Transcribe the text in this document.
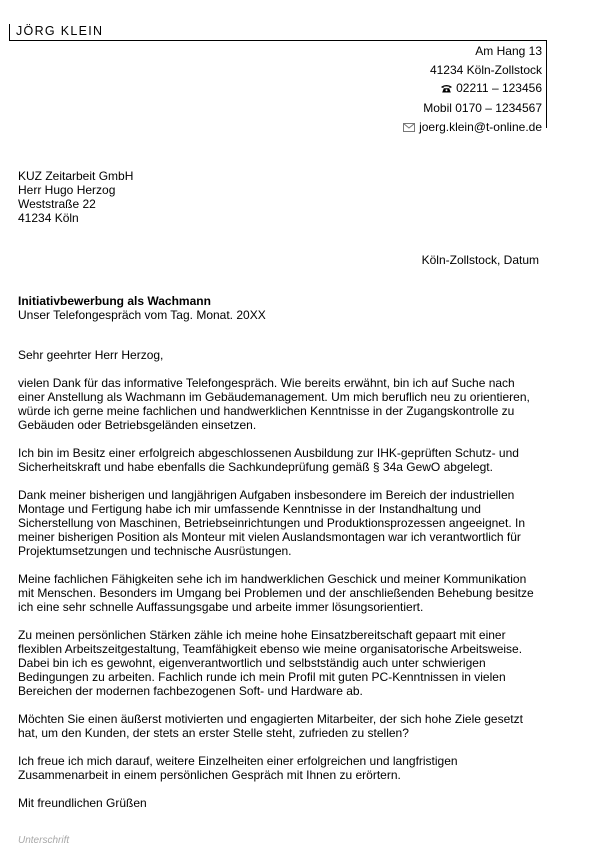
JÖRG KLEIN
Am Hang 13
41234 Köln-Zollstock
02211 – 123456
Mobil 0170 – 1234567
joerg.klein@t-online.de
KUZ Zeitarbeit GmbH
Herr Hugo Herzog
Weststraße 22
41234 Köln
Köln-Zollstock, Datum
Initiativbewerbung als Wachmann
Unser Telefongespräch vom Tag. Monat. 20XX

Sehr geehrter Herr Herzog,

vielen Dank für das informative Telefongespräch. Wie bereits erwähnt, bin ich auf Suche nach einer Anstellung als Wachmann im Gebäudemanagement. Um mich beruflich neu zu orientieren, würde ich gerne meine fachlichen und handwerklichen Kenntnisse in der Zugangskontrolle zu Gebäuden oder Betriebsgeländen einsetzen.

Ich bin im Besitz einer erfolgreich abgeschlossenen Ausbildung zur IHK-geprüften Schutz- und Sicherheitskraft und habe ebenfalls die Sachkundeprüfung gemäß § 34a GewO abgelegt.

Dank meiner bisherigen und langjährigen Aufgaben insbesondere im Bereich der industriellen Montage und Fertigung habe ich mir umfassende Kenntnisse in der Instandhaltung und Sicherstellung von Maschinen, Betriebseinrichtungen und Produktionsprozessen angeeignet. In meiner bisherigen Position als Monteur mit vielen Auslandsmontagen war ich verantwortlich für Projektumsetzungen und technische Ausrüstungen.

Meine fachlichen Fähigkeiten sehe ich im handwerklichen Geschick und meiner Kommunikation mit Menschen. Besonders im Umgang bei Problemen und der anschließenden Behebung besitze ich eine sehr schnelle Auffassungsgabe und arbeite immer lösungsorientiert.

Zu meinen persönlichen Stärken zähle ich meine hohe Einsatzbereitschaft gepaart mit einer flexiblen Arbeitszeitgestaltung, Teamfähigkeit ebenso wie meine organisatorische Arbeitsweise. Dabei bin ich es gewohnt, eigenverantwortlich und selbstständig auch unter schwierigen Bedingungen zu arbeiten. Fachlich runde ich mein Profil mit guten PC-Kenntnissen in vielen Bereichen der modernen fachbezogenen Soft- und Hardware ab.

Möchten Sie einen äußerst motivierten und engagierten Mitarbeiter, der sich hohe Ziele gesetzt hat, um den Kunden, der stets an erster Stelle steht, zufrieden zu stellen?

Ich freue ich mich darauf, weitere Einzelheiten einer erfolgreichen und langfristigen Zusammenarbeit in einem persönlichen Gespräch mit Ihnen zu erörtern.

Mit freundlichen Grüßen

Unterschrift
